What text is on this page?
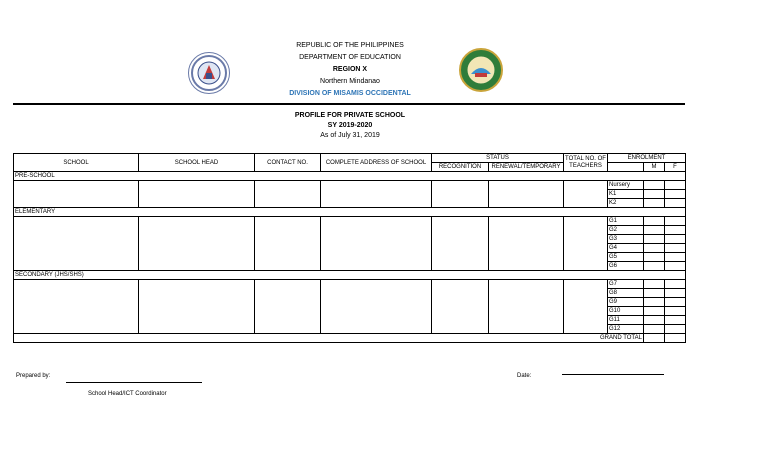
REPUBLIC OF THE PHILIPPINES
DEPARTMENT OF EDUCATION
REGION X
Northern Mindanao
DIVISION OF MISAMIS OCCIDENTAL
PROFILE FOR PRIVATE SCHOOL
SY 2019-2020
As of July 31, 2019
SCHOOL	SCHOOL HEAD	CONTACT NO.	COMPLETE ADDRESS OF SCHOOL	STATUS		TOTAL NO. OF TEACHERS	ENROLMENT		
				RECOGNITION	RENEWAL/TEMPORARY			M	F
PRE-SCHOOL									
							Nursery		
							K1		
							K2		
ELEMENTARY									
							G1		
							G2		
							G3		
							G4		
							G5		
							G6		
SECONDARY (JHS/SHS)									
							G7		
							G8		
							G9		
							G10		
							G11		
							G12		
GRAND TOTAL									
Prepared by:
School Head/ICT Coordinator
Date:
